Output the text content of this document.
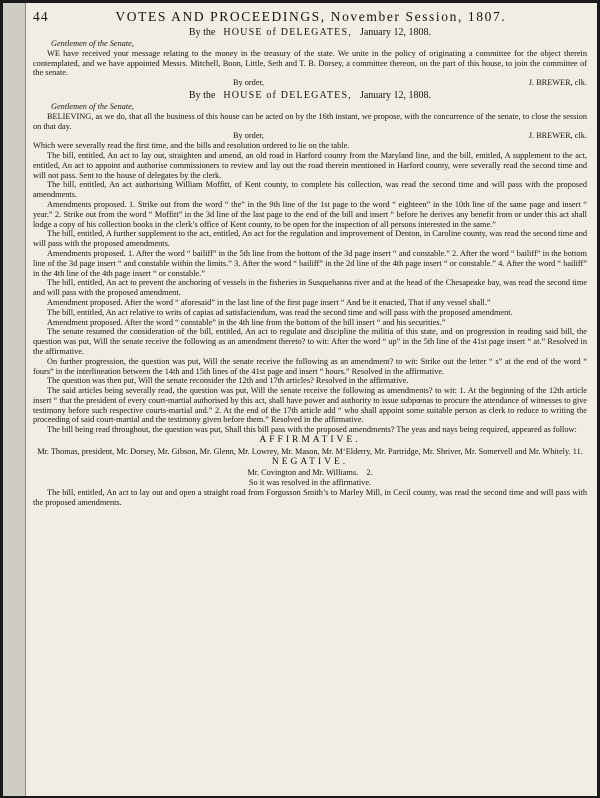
44	VOTES AND PROCEEDINGS, November Session, 1807.
By the HOUSE of DELEGATES, January 12, 1808.
Gentlemen of the Senate,

WE have received your message relating to the money in the treasury of the state. We unite in the policy of originating a committee for the object therein contemplated, and we have appointed Messrs. Mitchell, Boon, Little, Seth and T. B. Dorsey, a committee thereon, on the part of this house, to join the committee of the senate.

By order,	J. BREWER, clk.
By the HOUSE of DELEGATES, January 12, 1808.
Gentlemen of the Senate,

BELIEVING, as we do, that all the business of this house can be acted on by the 16th instant, we propose, with the concurrence of the senate, to close the session on that day.

By order,	J. BREWER, clk.

Which were severally read the first time, and the bills and resolution ordered to lie on the table.

The bill, entitled, An act to lay out, straighten and amend, an old road in Harford county from the Maryland line, and the bill, entitled, A supplement to the act, entitled, An act to appoint and authorise commissioners to review and lay out the road therein mentioned in Harford county, were severally read the second time and will not pass. Sent to the house of delegates by the clerk.

The bill, entitled, An act authorising William Moffitt, of Kent county, to complete his collection, was read the second time and will pass with the proposed amendments.

Amendments proposed. 1. Strike out from the word “ the” in the 9th line of the 1st page to the word “ eighteen” in the 10th line of the same page and insert “ year.” 2. Strike out from the word “ Moffitt” in the 3d line of the last page to the end of the bill and insert “ before he derives any benefit from or under this act shall lodge a copy of his collection books in the clerk’s office of Kent county, to be open for the inspection of all persons interested in the same.”

The bill, entitled, A further supplement to the act, entitled, An act for the regulation and improvement of Denton, in Caroline county, was read the second time and will pass with the proposed amendments.

Amendments proposed. 1. After the word “ bailiff” in the 5th line from the bottom of the 3d page insert “ and constable.” 2. After the word “ bailiff” in the bottom line of the 3d page insert “ and constable within the limits.” 3. After the word “ bailiff” in the 2d line of the 4th page insert “ or constable.” 4. After the word “ bailiff” in the 4th line of the 4th page insert “ or constable.”

The bill, entitled, An act to prevent the anchoring of vessels in the fisheries in Susquehanna river and at the head of the Chesapeake bay, was read the second time and will pass with the proposed amendment.

Amendment proposed. After the word “ aforesaid” in the last line of the first page insert “ And be it enacted, That if any vessel shall.”

The bill, entitled, An act relative to writs of capias ad satisfaciendum, was read the second time and will pass with the proposed amendment.

Amendment proposed. After the word “ constable” in the 4th line from the bottom of the bill insert “ and his securities.”

The senate resumed the consideration of the bill, entitled, An act to regulate and discipline the militia of this state, and on progression in reading said bill, the question was put, Will the senate receive the following as an amendment thereto? to wit: After the word “ up” in the 5th line of the 41st page insert “ at.” Resolved in the affirmative.

On further progression, the question was put, Will the senate receive the following as an amendment? to wit: Strike out the letter “ s” at the end of the word “ fours” in the interlineation between the 14th and 15th lines of the 41st page and insert “ hours.” Resolved in the affirmative.

The question was then put, Will the senate reconsider the 12th and 17th articles? Resolved in the affirmative.

The said articles being severally read, the question was put, Will the senate receive the following as amendments? to wit: 1. At the beginning of the 12th article insert “ that the president of every court-martial authorised by this act, shall have power and authority to issue subpœnas to procure the attendance of witnesses to give testimony before such respective courts-martial and.” 2. At the end of the 17th article add “ who shall appoint some suitable person as clerk to reduce to writing the proceeding of said court-martial and the testimony given before them.” Resolved in the affirmative.

The bill being read throughout, the question was put, Shall this bill pass with the proposed amendments? The yeas and nays being required, appeared as follow:

AFFIRMATIVE.
Mr. Thomas, president, Mr. Dorsey, Mr. Gibson, Mr. Glenn, Mr. Lowrey, Mr. Mason, Mr. M‘Elderry, Mr. Partridge, Mr. Shriver, Mr. Somervell and Mr. Whitely. 11.
NEGATIVE.
Mr. Covington and Mr. Williams. 2.
So it was resolved in the affirmative.

The bill, entitled, An act to lay out and open a straight road from Forgusson Smith’s to Marley Mill, in Cecil county, was read the second time and will pass with the proposed amendments.
